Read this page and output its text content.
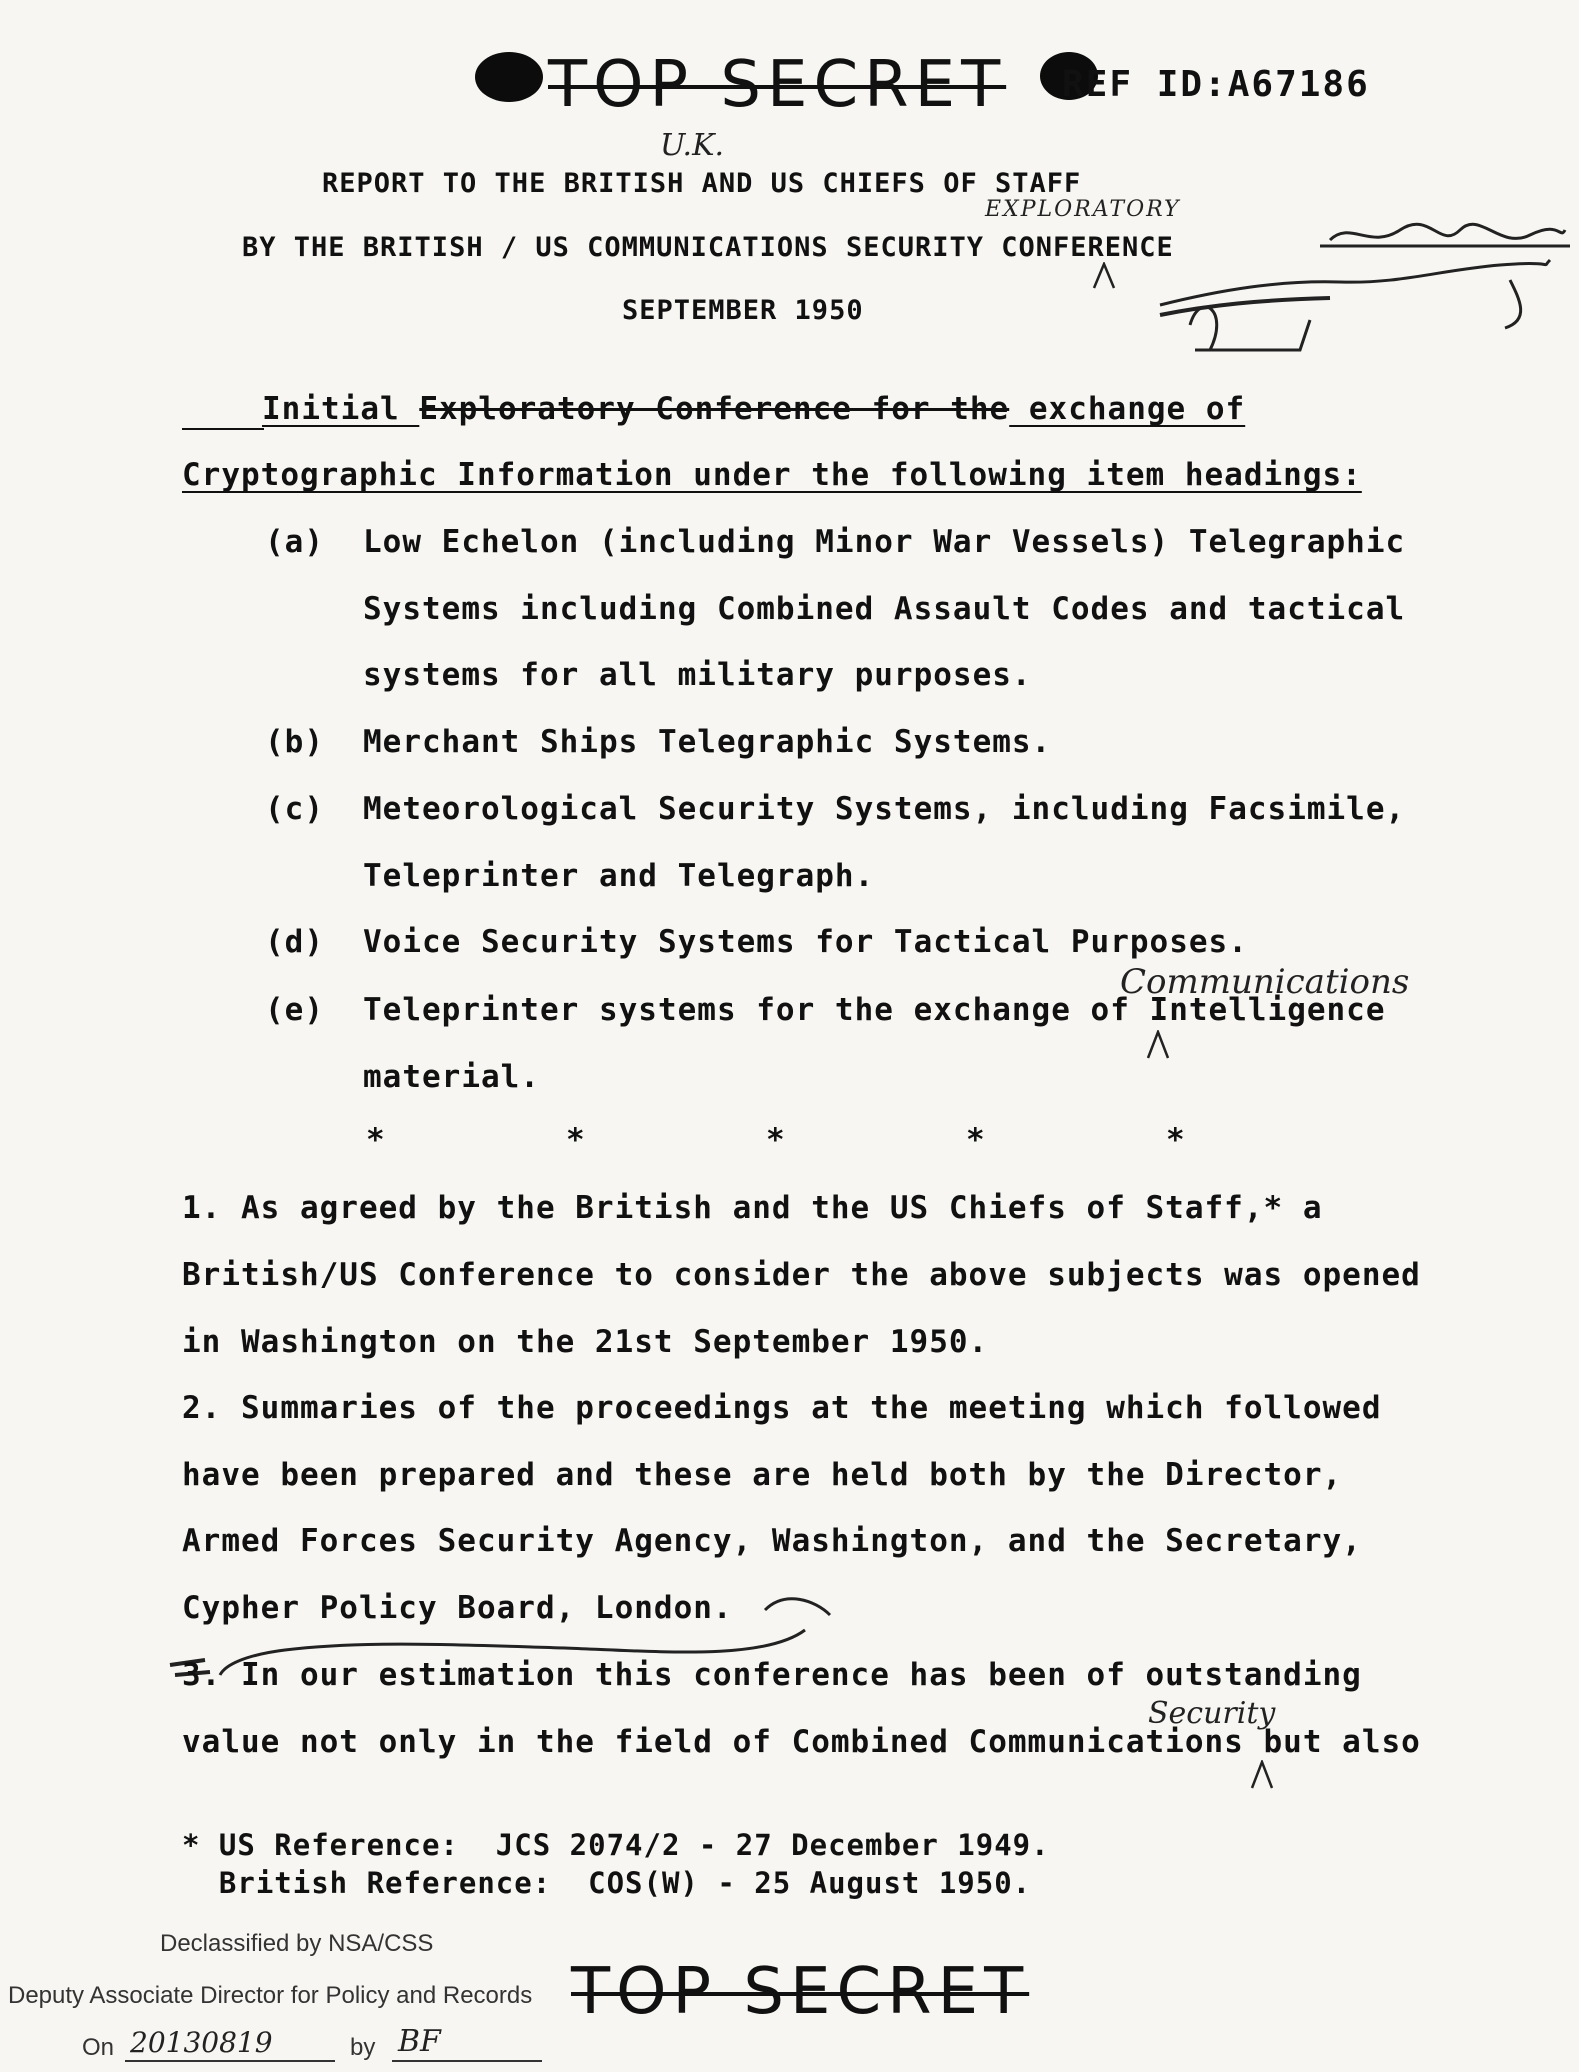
TOP SECRET REF ID:A67186
U.K.
REPORT TO THE BRITISH AND US CHIEFS OF STAFF
EXPLORATORY
BY THE BRITISH / US COMMUNICATIONS SECURITY CONFERENCE
SEPTEMBER 1950
Initial Exploratory Conference for the exchange of
Cryptographic Information under the following item headings:
(a) Low Echelon (including Minor War Vessels) Telegraphic
Systems including Combined Assault Codes and tactical
systems for all military purposes.
(b) Merchant Ships Telegraphic Systems.
(c) Meteorological Security Systems, including Facsimile,
Teleprinter and Telegraph.
(d) Voice Security Systems for Tactical Purposes.
Communications
(e) Teleprinter systems for the exchange of Intelligence
material.
*	*	*	*	*
1. As agreed by the British and the US Chiefs of Staff,* a
British/US Conference to consider the above subjects was opened
in Washington on the 21st September 1950.
2. Summaries of the proceedings at the meeting which followed
have been prepared and these are held both by the Director,
Armed Forces Security Agency, Washington, and the Secretary,
Cypher Policy Board, London.
3. In our estimation this conference has been of outstanding
Security
value not only in the field of Combined Communications but also
* US Reference:  JCS 2074/2 - 27 December 1949.
British Reference:  COS(W) - 25 August 1950.
Declassified by NSA/CSS
Deputy Associate Director for Policy and Records
On 20130819	by BF
TOP SECRET
